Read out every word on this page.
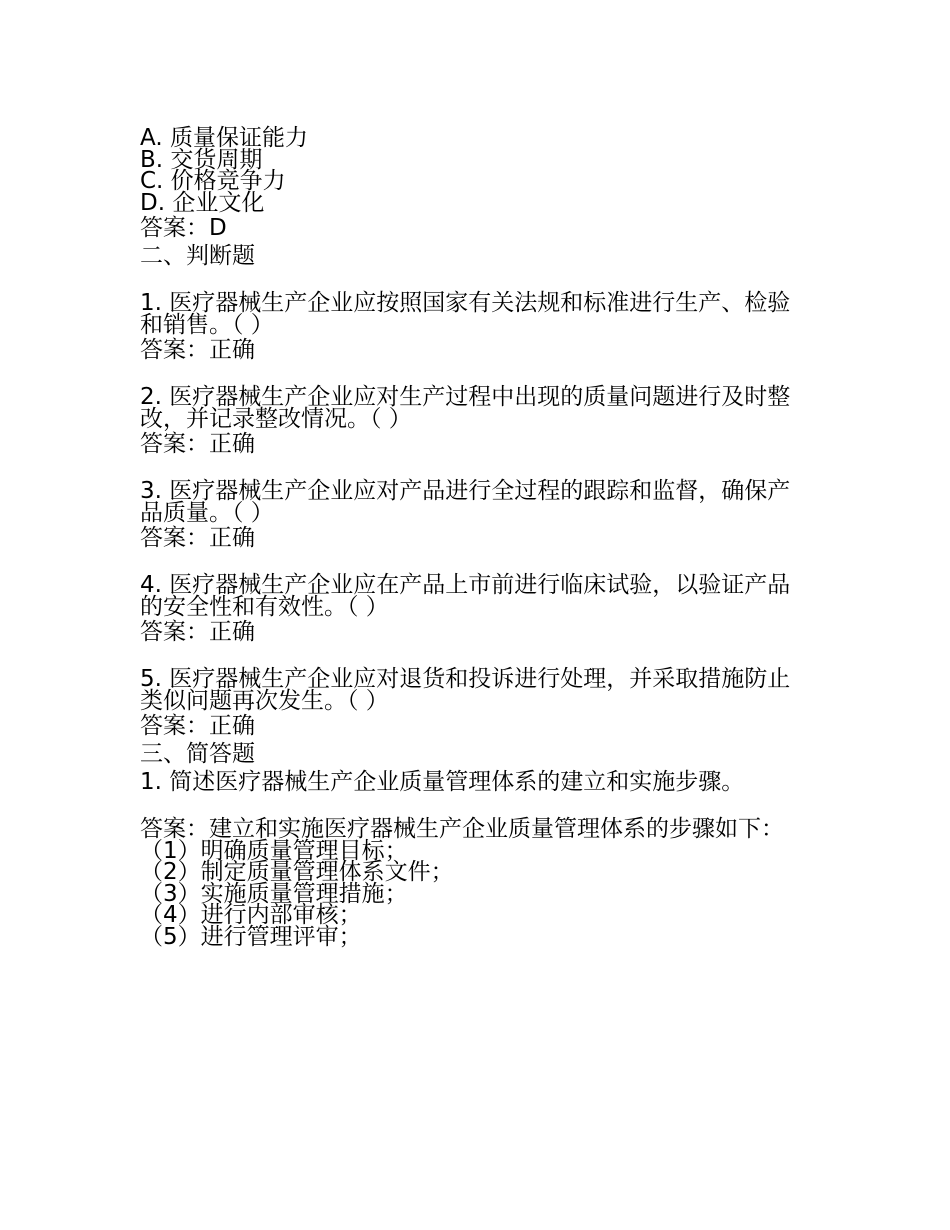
A. 质量保证能力

B. 交货周期

C. 价格竞争力

D. 企业文化

答案：D

二、判断题

1. 医疗器械生产企业应按照国家有关法规和标准进行生产、检验和销售。（ ）

答案：正确

2. 医疗器械生产企业应对生产过程中出现的质量问题进行及时整改，并记录整改情况。（ ）

答案：正确

3. 医疗器械生产企业应对产品进行全过程的跟踪和监督，确保产品质量。（ ）

答案：正确

4. 医疗器械生产企业应在产品上市前进行临床试验，以验证产品的安全性和有效性。（ ）

答案：正确

5. 医疗器械生产企业应对退货和投诉进行处理，并采取措施防止类似问题再次发生。（ ）

答案：正确

三、简答题

1. 简述医疗器械生产企业质量管理体系的建立和实施步骤。

答案：建立和实施医疗器械生产企业质量管理体系的步骤如下：

（1）明确质量管理目标；

（2）制定质量管理体系文件；

（3）实施质量管理措施；

（4）进行内部审核；

（5）进行管理评审；
